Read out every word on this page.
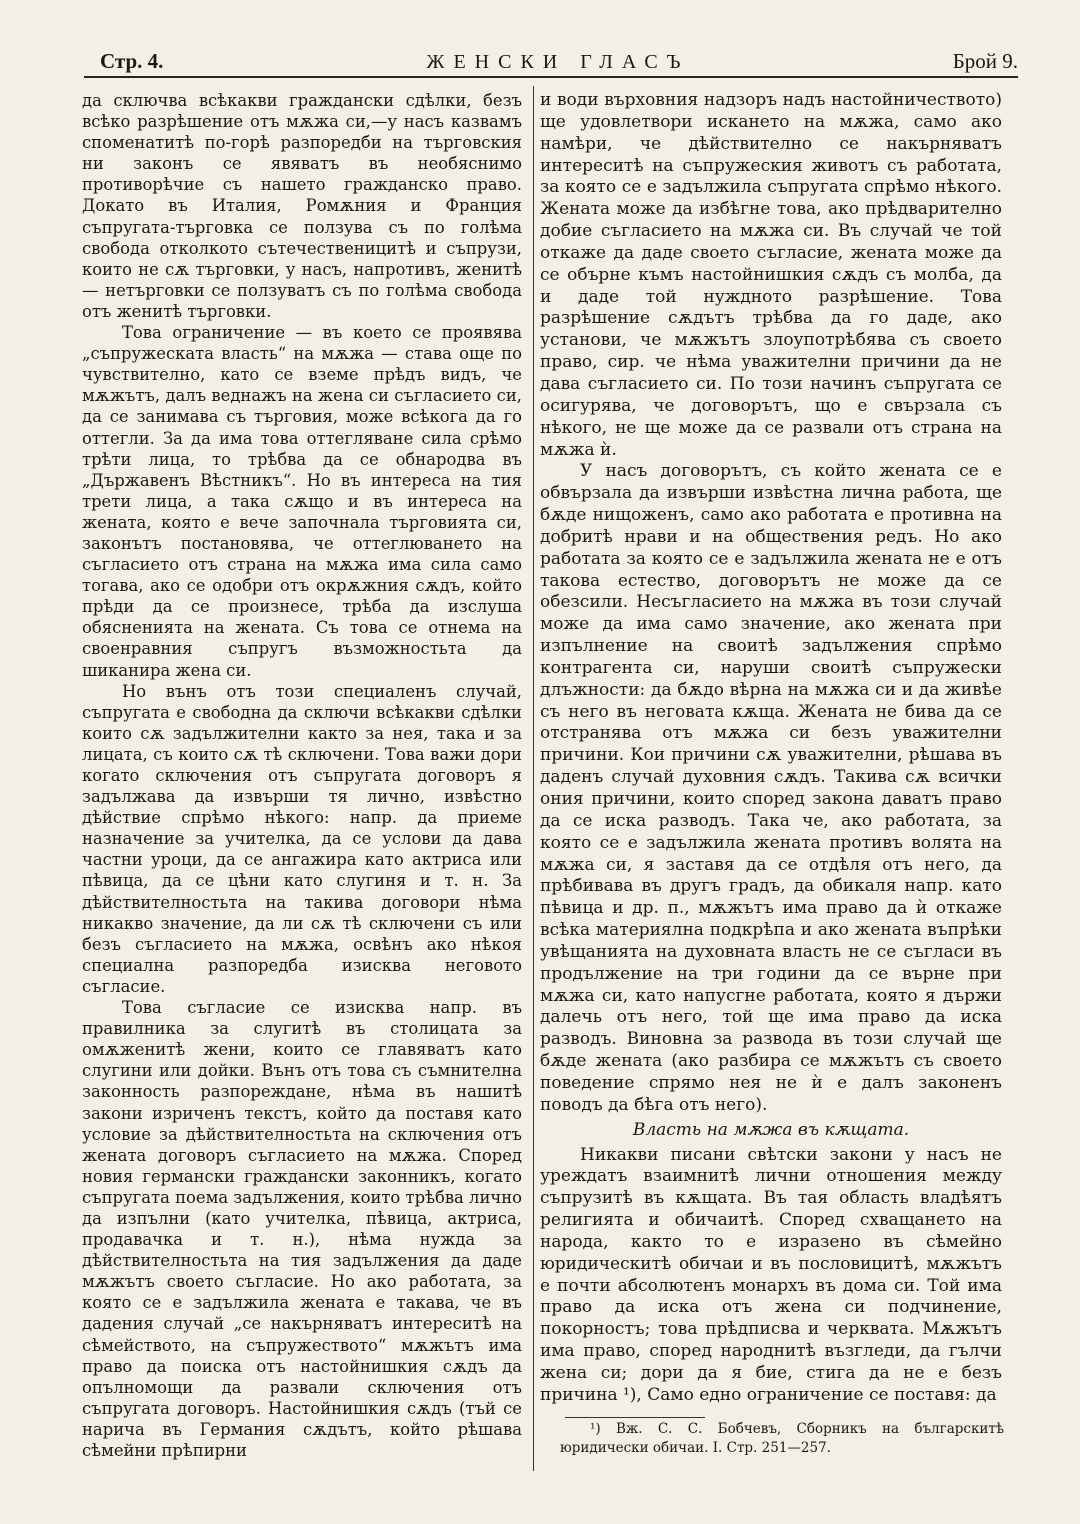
Стр. 4.	ЖЕНСКИ ГЛАСЪ	Брой 9.

да сключва всѣкакви граждански сдѣлки, безъ всѣко разрѣшение отъ мѫжа си,—у насъ казвамъ споменатитѣ по-горѣ разпоредби на търговския ни законъ се явяватъ въ необяснимо противорѣчие съ нашето гражданско право. Докато въ Италия, Ромѫния и Франция съпругата-търговка се ползува съ по голѣма свобода отколкото сътечественицитѣ и съпрузи, които не сѫ търговки, у насъ, напротивъ, женитѣ — нетърговки се ползуватъ съ по голѣма свобода отъ женитѣ търговки.

Това ограничение — въ което се проявява „съпружеската власть“ на мѫжа — става още по чувствително, като се вземе прѣдъ видъ, че мѫжътъ, далъ веднажъ на жена си съгласието си, да се занимава съ търговия, може всѣкога да го оттегли. За да има това оттегляване сила срѣмо трѣти лица, то трѣбва да се обнародва въ „Държавенъ Вѣстникъ“. Но въ интереса на тия трети лица, а така сѫщо и въ интереса на жената, която е вече започнала търговията си, законътъ постановява, че оттеглюването на съгласието отъ страна на мѫжа има сила само тогава, ако се одобри отъ окрѫжния сѫдъ, който прѣди да се произнесе, трѣба да изслуша обясненията на жената. Съ това се отнема на своенравния съпругъ възможностьта да шиканира жена си.

Но вънъ отъ този специаленъ случай, съпругата е свободна да сключи всѣкакви сдѣлки които сѫ задължителни както за нея, така и за лицата, съ които сѫ тѣ сключени. Това важи дори когато сключения отъ съпругата договоръ я задължава да извърши тя лично, извѣстно дѣйствие спрѣмо нѣкого: напр. да приеме назначение за учителка, да се услови да дава частни уроци, да се ангажира като актриса или пѣвица, да се цѣни като слугиня и т. н. За дѣйствителностьта на такива договори нѣма никакво значение, да ли сѫ тѣ сключени съ или безъ съгласието на мѫжа, освѣнъ ако нѣкоя специална разпоредба изисква неговото съгласие.

Това съгласие се изисква напр. въ правилника за слугитѣ въ столицата за омѫженитѣ жени, които се главяватъ като слугини или дойки. Вънъ отъ това съ съмнителна законность разпореждане, нѣма въ нашитѣ закони изриченъ текстъ, който да поставя като условие за дѣйствителностьта на сключения отъ жената договоръ съгласието на мѫжа. Според новия германски граждански законникъ, когато съпругата поема задължения, които трѣбва лично да изпълни (като учителка, пѣвица, актриса, продавачка и т. н.), нѣма нужда за дѣйствителностьта на тия задължения да даде мѫжътъ своето съгласие. Но ако работата, за която се е задължила жената е такава, че въ дадения случай „се накърняватъ интереситѣ на сѣмейството, на съпружеството“ мѫжътъ има право да поиска отъ настойнишкия сѫдъ да опълномощи да развали сключения отъ съпругата договоръ. Настойнишкия сѫдъ (тъй се нарича въ Германия сѫдътъ, който рѣшава сѣмейни прѣпирни

и води върховния надзоръ надъ настойничеството) ще удовлетвори искането на мѫжа, само ако намѣри, че дѣйствително се накърняватъ интереситѣ на съпружеския животъ съ работата, за която се е задължила съпругата спрѣмо нѣкого. Жената може да избѣгне това, ако прѣдварително добие съгласието на мѫжа си. Въ случай че той откаже да даде своето съгласие, жената може да се обърне къмъ настойнишкия сѫдъ съ молба, да и даде той нуждното разрѣшение. Това разрѣшение сѫдътъ трѣбва да го даде, ако установи, че мѫжътъ злоупотрѣбява съ своето право, сир. че нѣма уважителни причини да не дава съгласието си. По този начинъ съпругата се осигурява, че договорътъ, що е свързала съ нѣкого, не ще може да се развали отъ страна на мѫжа ѝ.

У насъ договорътъ, съ който жената се е обвързала да извърши извѣстна лична работа, ще бѫде нищоженъ, само ако работата е противна на добритѣ нрави и на обществения редъ. Но ако работата за която се е задължила жената не е отъ такова естество, договорътъ не може да се обезсили. Несъгласието на мѫжа въ този случай може да има само значение, ако жената при изпълнение на своитѣ задължения спрѣмо контрагента си, наруши своитѣ съпружески длъжности: да бѫдо вѣрна на мѫжа си и да живѣе съ него въ неговата кѫща. Жената не бива да се отстранява отъ мѫжа си безъ уважителни причини. Кои причини сѫ уважителни, рѣшава въ даденъ случай духовния сѫдъ. Такива сѫ всички ония причини, които според закона даватъ право да се иска разводъ. Така че, ако работата, за която се е задължила жената противъ волята на мѫжа си, я заставя да се отдѣля отъ него, да прѣбивава въ другъ градъ, да обикаля напр. като пѣвица и др. п., мѫжътъ има право да ѝ откаже всѣка материялна подкрѣпа и ако жената въпрѣки увѣщанията на духовната власть не се съгласи въ продължение на три години да се върне при мѫжа си, като напусгне работата, която я държи далечь отъ него, той ще има право да иска разводъ. Виновна за развода въ този случай ще бѫде жената (ако разбира се мѫжътъ съ своето поведение спрямо нея не ѝ е далъ законенъ поводъ да бѣга отъ него).

Власть на мѫжа въ кѫщата.

Никакви писани свѣтски закони у насъ не уреждатъ взаимнитѣ лични отношения между съпрузитѣ въ кѫщата. Въ тая область владѣятъ религията и обичаитѣ. Според схващането на народа, както то е изразено въ сѣмейно юридическитѣ обичаи и въ пословицитѣ, мѫжътъ е почти абсолютенъ монархъ въ дома си. Той има право да иска отъ жена си подчинение, покорностъ; това прѣдписва и черквата. Мѫжътъ има право, според народнитѣ възгледи, да гълчи жена си; дори да я бие, стига да не е безъ причина ¹), Само едно ограничение се поставя: да

¹) Вж. С. С. Бобчевъ, Сборникъ на българскитѣ юридически обичаи. I. Стр. 251—257.
